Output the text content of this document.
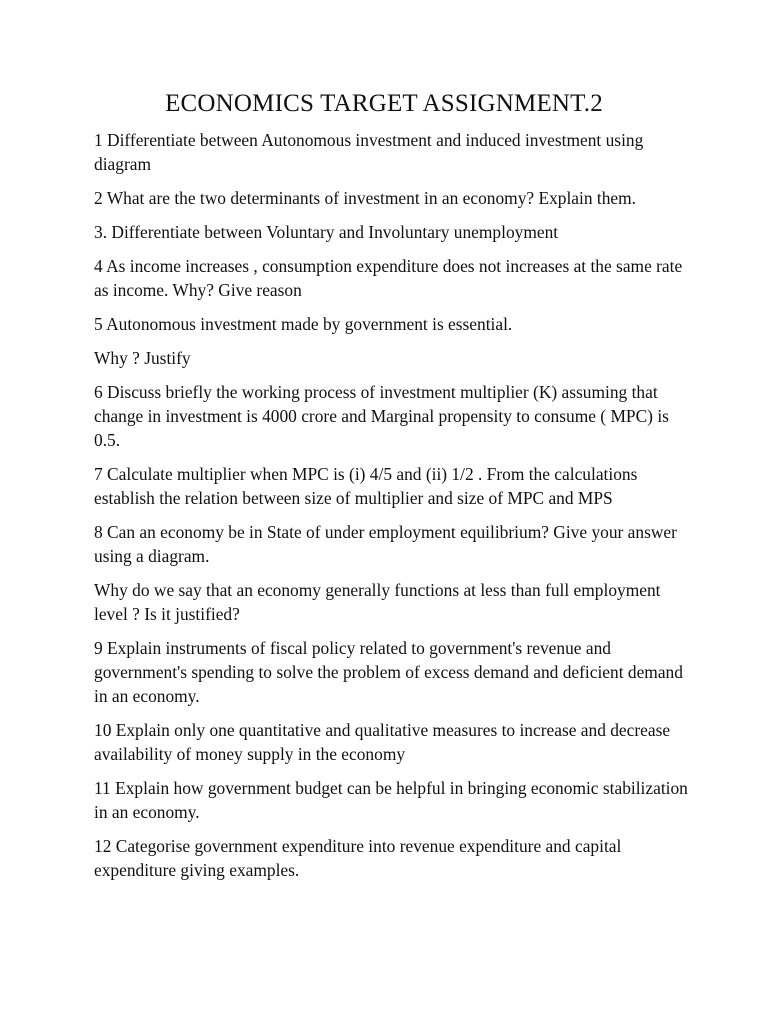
ECONOMICS TARGET ASSIGNMENT.2

1 Differentiate between Autonomous investment and induced investment using diagram

2 What are the two determinants of investment in an economy? Explain them.

3. Differentiate between Voluntary and Involuntary unemployment

4 As income increases , consumption expenditure does not increases at the same rate as income. Why? Give reason

5 Autonomous investment made by government is essential.

Why ? Justify

6 Discuss briefly the working process of investment multiplier (K) assuming that change in investment is 4000 crore and Marginal propensity to consume ( MPC) is 0.5.

7 Calculate multiplier when MPC is (i) 4/5 and (ii) 1/2 . From the calculations establish the relation between size of multiplier and size of MPC and MPS

8 Can an economy be in State of under employment equilibrium? Give your answer using a diagram.

Why do we say that an economy generally functions at less than full employment level ? Is it justified?

9 Explain instruments of fiscal policy related to government's revenue and government's spending to solve the problem of excess demand and deficient demand in an economy.

10 Explain only one quantitative and qualitative measures to increase and decrease availability of money supply in the economy

11 Explain how government budget can be helpful in bringing economic stabilization in an economy.

12 Categorise government expenditure into revenue expenditure and capital expenditure giving examples.
